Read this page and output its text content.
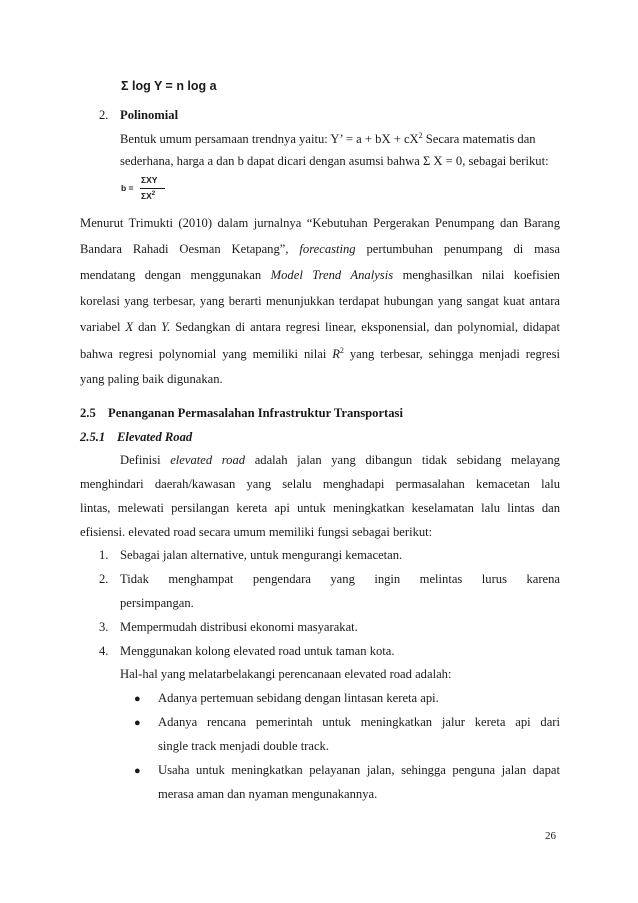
Σ log Y = n log a
2. Polinomial
Bentuk umum persamaan trendnya yaitu: Y’ = a + bX + $cX^2$ Secara matematis dan
sederhana, harga a dan b dapat dicari dengan asumsi bahwa Σ X = 0, sebagai berikut:
b =
ΣXY
$\Sigma X^2$
Menurut Trimukti (2010) dalam jurnalnya “Kebutuhan Pergerakan Penumpang dan Barang
Bandara Rahadi Oesman Ketapang”, forecasting pertumbuhan penumpang di masa
mendatang dengan menggunakan Model Trend Analysis menghasilkan nilai koefisien
korelasi yang terbesar, yang berarti menunjukkan terdapat hubungan yang sangat kuat antara
variabel X dan Y. Sedangkan di antara regresi linear, eksponensial, dan polynomial, didapat
bahwa regresi polynomial yang memiliki nilai $R^2$ yang terbesar, sehingga menjadi regresi
yang paling baik digunakan.
2.5 Penanganan Permasalahan Infrastruktur Transportasi
2.5.1 Elevated Road
Definisi elevated road adalah jalan yang dibangun tidak sebidang melayang
menghindari daerah/kawasan yang selalu menghadapi permasalahan kemacetan lalu
lintas, melewati persilangan kereta api untuk meningkatkan keselamatan lalu lintas dan
efisiensi. elevated road secara umum memiliki fungsi sebagai berikut:
1. Sebagai jalan alternative, untuk mengurangi kemacetan.
2. Tidak menghampat pengendara yang ingin melintas lurus karena
persimpangan.
3. Mempermudah distribusi ekonomi masyarakat.
4. Menggunakan kolong elevated road untuk taman kota.
Hal-hal yang melatarbelakangi perencanaan elevated road adalah:
● Adanya pertemuan sebidang dengan lintasan kereta api.
● Adanya rencana pemerintah untuk meningkatkan jalur kereta api dari
single track menjadi double track.
● Usaha untuk meningkatkan pelayanan jalan, sehingga penguna jalan dapat
merasa aman dan nyaman mengunakannya.
26
